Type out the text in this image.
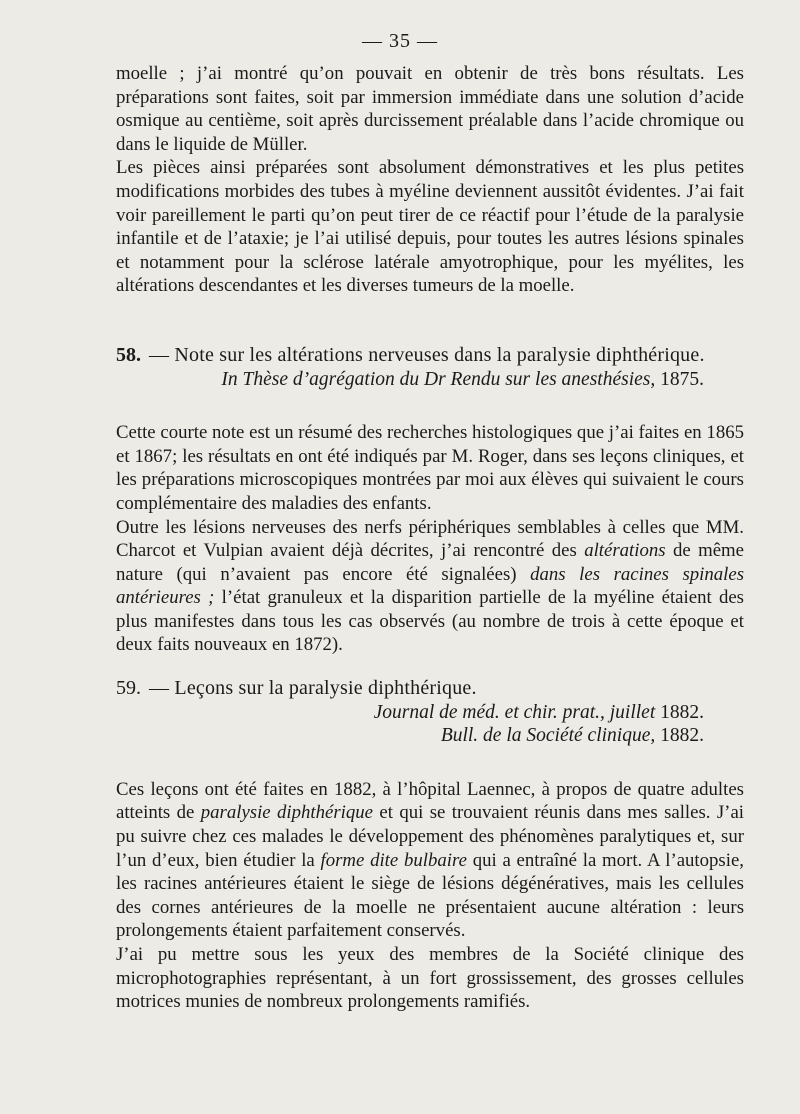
— 35 —

moelle ; j’ai montré qu’on pouvait en obtenir de très bons résultats. Les préparations sont faites, soit par immersion immédiate dans une solution d’acide osmique au centième, soit après durcissement préalable dans l’acide chromique ou dans le liquide de Müller.

Les pièces ainsi préparées sont absolument démonstratives et les plus petites modifications morbides des tubes à myéline deviennent aussitôt évidentes. J’ai fait voir pareillement le parti qu’on peut tirer de ce réactif pour l’étude de la paralysie infantile et de l’ataxie; je l’ai utilisé depuis, pour toutes les autres lésions spinales et notamment pour la sclérose latérale amyotrophique, pour les myélites, les altérations descendantes et les diverses tumeurs de la moelle.

58. — Note sur les altérations nerveuses dans la paralysie diphthérique.
In Thèse d’agrégation du Dr Rendu sur les anesthésies, 1875.

Cette courte note est un résumé des recherches histologiques que j’ai faites en 1865 et 1867; les résultats en ont été indiqués par M. Roger, dans ses leçons cliniques, et les préparations microscopiques montrées par moi aux élèves qui suivaient le cours complémentaire des maladies des enfants.

Outre les lésions nerveuses des nerfs périphériques semblables à celles que MM. Charcot et Vulpian avaient déjà décrites, j’ai rencontré des altérations de même nature (qui n’avaient pas encore été signalées) dans les racines spinales antérieures ; l’état granuleux et la disparition partielle de la myéline étaient des plus manifestes dans tous les cas observés (au nombre de trois à cette époque et deux faits nouveaux en 1872).

59. — Leçons sur la paralysie diphthérique.
Journal de méd. et chir. prat., juillet 1882.
Bull. de la Société clinique, 1882.

Ces leçons ont été faites en 1882, à l’hôpital Laennec, à propos de quatre adultes atteints de paralysie diphthérique et qui se trouvaient réunis dans mes salles. J’ai pu suivre chez ces malades le développement des phénomènes paralytiques et, sur l’un d’eux, bien étudier la forme dite bulbaire qui a entraîné la mort. A l’autopsie, les racines antérieures étaient le siège de lésions dégénératives, mais les cellules des cornes antérieures de la moelle ne présentaient aucune altération : leurs prolongements étaient parfaitement conservés.

J’ai pu mettre sous les yeux des membres de la Société clinique des microphotographies représentant, à un fort grossissement, des grosses cellules motrices munies de nombreux prolongements ramifiés.
